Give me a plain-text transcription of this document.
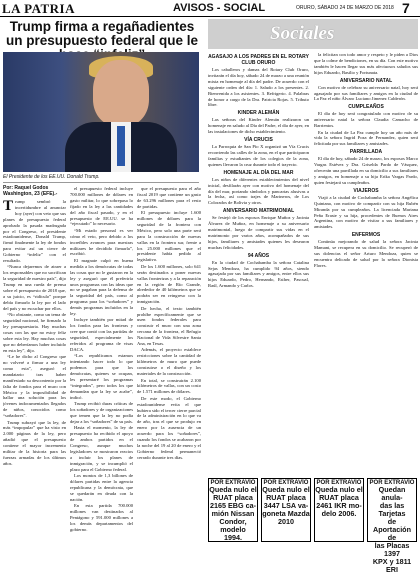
LA PATRIA	AVISOS - SOCIAL	ORURO, SÁBADO 24 DE MARZO DE 2018 7
Trump firma a regañadientes un presupuesto federal que le
El Presidente de los EE.UU. Donald Trump.
Por: Raquel Godos
Washington, 23 (EFE).-
T rump sembró la incertidumbre al anunciar hoy (ayer) con veto que sus planes de presupuesto federal aprobado la pasada madrugada por el Congreso, el presidente estadounidense, Donald Trump, firmó finalmente la ley de fondos para evitar así un cierre de Gobierno “infeliz” con el resultado.

“Nunca dejaremos de atraer a los responsables que no sacrifican la seguridad de nuestro país”, dijo Trump en una rueda de prensa sobre el presupuesto de 2018 que, a su juicio, es “ridículo” porque debía firmarlo la ley por el lado del país y no escuchar por ellos.

“No obstante, como un tema de seguridad nacional, he firmado la ley presupuestaria. Hay muchas cosas con las que no estoy feliz sobre esta ley. Hay muchas cosas que no deberíamos haber incluido en esta ley”, dijo.

“Le he dicho al Congreso que no volveré a firmar a una ley como esta”, aseguró el mandatario tras haber manifestado su descontento por la falta de fondos para el muro con México y la imposibilidad de hallar una solución para los jóvenes indocumentados llegados de niños, conocidos como “soñadores”.

Trump subrayó que la ley, de más “impopular” que ha visto en 2.000 páginas de la ley, pero añadió que el presupuesto contiene el mayor incremento militar de la historia para las fuerzas armadas de los últimos años.

el presupuesto federal incluye 700.000 millones de dólares en gasto militar, lo que sobrepasa lo fijado en la ley a las cantidades del año fiscal pasado, y en el presupuesto de EE.UU. se ha “ejecutado” lo necesario.

“Mi estado personal es ver cómo el veto, pero debido a los increíbles avances para nuestras militares he decidido firmarla”, escribió.

El magnate culpó en buena medida a los demócratas de todas las cosas que no le gustaron en la ley y aseguró que él preferiría unos programas con las ideas que no se pagaban para la defensa de la seguridad del país, como al programa para los “soñadores” y demás programas incluidos en la ley.

Incluye también por mitad de los fondos para las fronteras y cree que contó con las partidas de seguridad, especialmente los referidos al programa de visas DACA.

“Los republicanos estamos intentando hacer todo lo que podemos para que los demócratas, quienes se ocupan, les presentaré los programas “integrados”, pero todos los que demandan que la ley se acabe”, indicó.

Trump recibió duras críticas de los soñadores y de organizaciones que temen que la ley no podía dejar a los “soñadores” de su país.

Hasta el momento, la ley de presupuesto ha recibido el apoyo de ambos partidos en el Congreso, aunque muchos legisladores se mostraron reacios a incluir los planes de inmigración, y se incumplió el plazo para el Gobierno federal.

Los montos de 1,3 billones de dólares partidas entre la agencia republicana y la demócrata, que se quedarán en deuda con la nación.

En esta partida 700.000 millones van destinados al Pentágono y 591.000 millones a los demás departamentos del gobierno.

que el presupuesto para el año fiscal 2019 que contiene un gasto de 63.296 millones para el resto de partidas.

El presupuesto incluye 1.600 millones de dólares para la seguridad de la frontera con México, pero solo una parte será para la construcción de nuevas vallas en la frontera sur, frente a los 25.000 millones que el presidente había pedido al legislativo.

De los 1.600 millones, solo 641 serán destinados a poner nuevas vallas fronterizas y a la reparación en la región de Río Grande, alrededor de 40 kilómetros que se podrán ser en reingreso con la inmigración.

De hecho, el texto también prohíbe específicamente que se usen fondos federales para construir el muro con una zona cercana de la frontera, el Refugio Nacional de Vida Silvestre Santa Ana, en Texas.

Además, el proyecto establece restricciones sobre la cantidad de kilómetros de muro que puede construirse o el diseño y los materiales de la construcción.

En total, se construirán 2.100 kilómetros de vallas, con un costo de 1.571 millones de dólares.

De este modo, el Gobierno estadounidense evita el que hubiera sido el tercer cierre parcial de la administración en lo que va de año, tras el que se produjo en enero por la ausencia de un acuerdo para los “soñadores”, cuando los fondos se acabaron por la noche del 19 al 20 de enero y el Gobierno federal permaneció cerrado durante tres días.

Sociales
AGASAJO A LOS PADRES EN EL ROTARY CLUB ORURO

Los caballeros y damas del Rotary Club Oruro, invitarán el día hoy, sábado 24 de marzo a una reunión mixta en homenaje al día del padre. De acuerdo con el siguiente orden del día: 1. Saludo a los presentes. 2. Bienvenida a los asistentes. 3. Refrigerio. 4. Palabras de honor a cargo de la Dra. Patricia Rojas. 5. Tributo libre.

KINDER ALEMÁN

Las señoras del Kinder Alemán realizaron un homenaje en saludo al Día del Padre, el día de ayer, en las instalaciones de dicho establecimiento.

VÍA CRUCIS

La Parroquia de San Pío X organizó un Vía Crucis recorriendo las calles de la zona, en el que participaron familias y estudiantes de los colegios de la zona, quienes llevaron la cruz durante todo el trayecto.

HOMENAJE AL DÍA DEL MAR

Los niños de diferentes establecimientos del nivel inicial, desfilarán ayer con motivo del homenaje del día del mar, portando símbolos y pancartas alusivas a la fecha, así como trajes de Marineros, de Los Colorados de Bolivia y otros.

ANIVERSARIO MATRIMONIAL

Se festejó de los esposos Enrique Muñoz y Jacinta Álvarez de Muñoz, en homenaje a su aniversario matrimonial, luego de compartir sus vidas en el matrimonio por varios años, acompañados de sus hijos, familiares y amistades quienes les desearon muchas felicidades.

94 AÑOS

En la ciudad de Cochabamba la señora Catalina Sejas Mendoza, ha cumplido 94 años, siendo agasajada por sus familiares y amigos, entre ellos sus hijos Eduardo, Pedro, Hernando, Esther, Pascual, Raúl, Armando y Carlos.

la felicitan con todo amor y respeto y le piden a Dios que la colme de bendiciones, en su día. Con este motivo también le hacen llegar sus más afectuosos saludos sus hijos Eduardo, Basilio y Fortunata.

ANIVERSARIO NATAL

Con motivo de celebrar su aniversario natal, hoy será agasajado por sus familiares y amigos en la ciudad de La Paz el niño Álvaro Luciano Jimenez Calderón.

CUMPLEAÑOS

El día de hoy será congratulado con motivo de su aniversario natal la señora Claudia Camacho de Barrientos.

En la ciudad de La Paz cumple hoy un año más de vida la señora Ingrid Poza de Fernandez, quien será felicitada por sus familiares y amistades.

PARRILLADA

El día de hoy, sábado 24 de marzo, los esposos Marco Vargas Estévez y Dra. Griselda Pardo de Vásquez, ofrecerán una parrillada en su domicilio a sus familiares y amigos, en homenaje a su hija Erika Vargas Pardo, quien festejará su cumpleaños.

VIAJEROS

Viajó a la ciudad de Cochabamba la señora Angélica Quintana, con motivo de compartir con su hija Rubén Miranda por su cumpleaños. La licenciada Mariana Peña Eraste y su hija, procedentes de Buenos Aires Argentina, con motivo de visitar a sus familiares y amistades.

ENFERMOS

Continúa mejorando de salud la señora Jacinta Mamani, se recupera en su domicilio. Se recuperó de sus dolencias el señor Arturo Mendoza, quien se encuentra delicado de salud por la señora Dionisia Flores.

POR EXTRAVÍO
Queda nulo el
RUAT placa
2165 EBG ca-
mión Nissan
Condor, modelo
1994.
POR EXTRAVÍO
Queda nulo el
RUAT placa
3447 LSA va-
goneta Mazda
2010
POR EXTRAVÍO
Queda nulo el
RUAT placa
2461 IKR mo-
delo 2006.
POR EXTRAVÍO
Quedan anula-
das las Tarjetas
de Aportación de
las Placas 1397
KPX y 1811 ERI
